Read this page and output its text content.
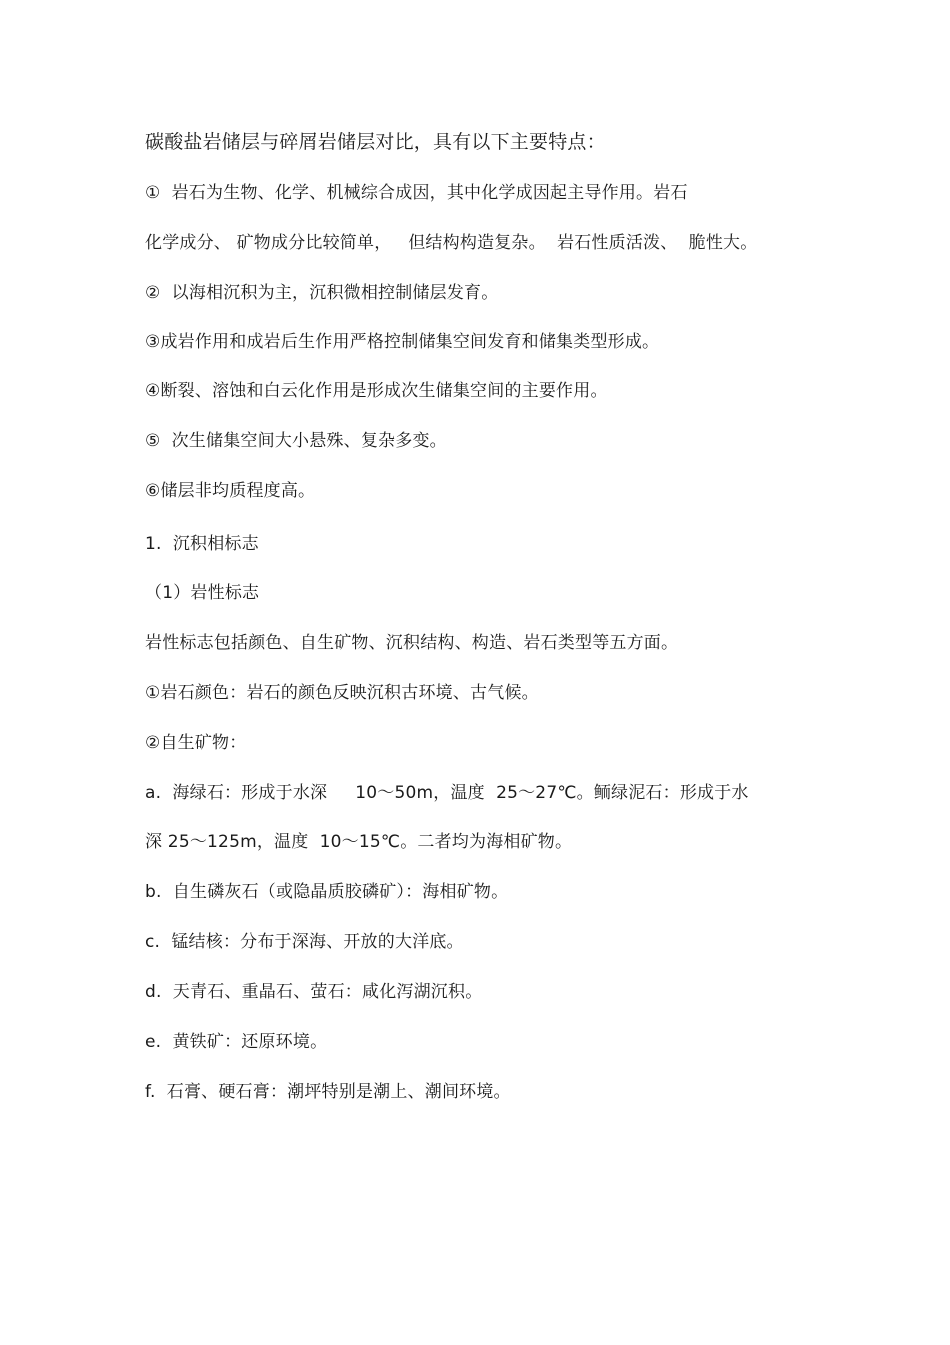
碳酸盐岩储层与碎屑岩储层对比，具有以下主要特点：
①  岩石为生物、化学、机械综合成因，其中化学成因起主导作用。岩石
化学成分、 矿物成分比较简单，   但结构构造复杂。  岩石性质活泼、  脆性大。
②  以海相沉积为主，沉积微相控制储层发育。
③成岩作用和成岩后生作用严格控制储集空间发育和储集类型形成。
④断裂、溶蚀和白云化作用是形成次生储集空间的主要作用。
⑤  次生储集空间大小悬殊、复杂多变。
⑥储层非均质程度高。
1.  沉积相标志
（1）岩性标志
岩性标志包括颜色、自生矿物、沉积结构、构造、岩石类型等五方面。
①岩石颜色：岩石的颜色反映沉积古环境、古气候。
②自生矿物：
a.  海绿石：形成于水深     10～50m，温度  25～27℃。鲕绿泥石：形成于水
深 25～125m，温度  10～15℃。二者均为海相矿物。
b.  自生磷灰石（或隐晶质胶磷矿）：海相矿物。
c.  锰结核：分布于深海、开放的大洋底。
d.  天青石、重晶石、萤石：咸化泻湖沉积。
e.  黄铁矿：还原环境。
f.  石膏、硬石膏：潮坪特别是潮上、潮间环境。
